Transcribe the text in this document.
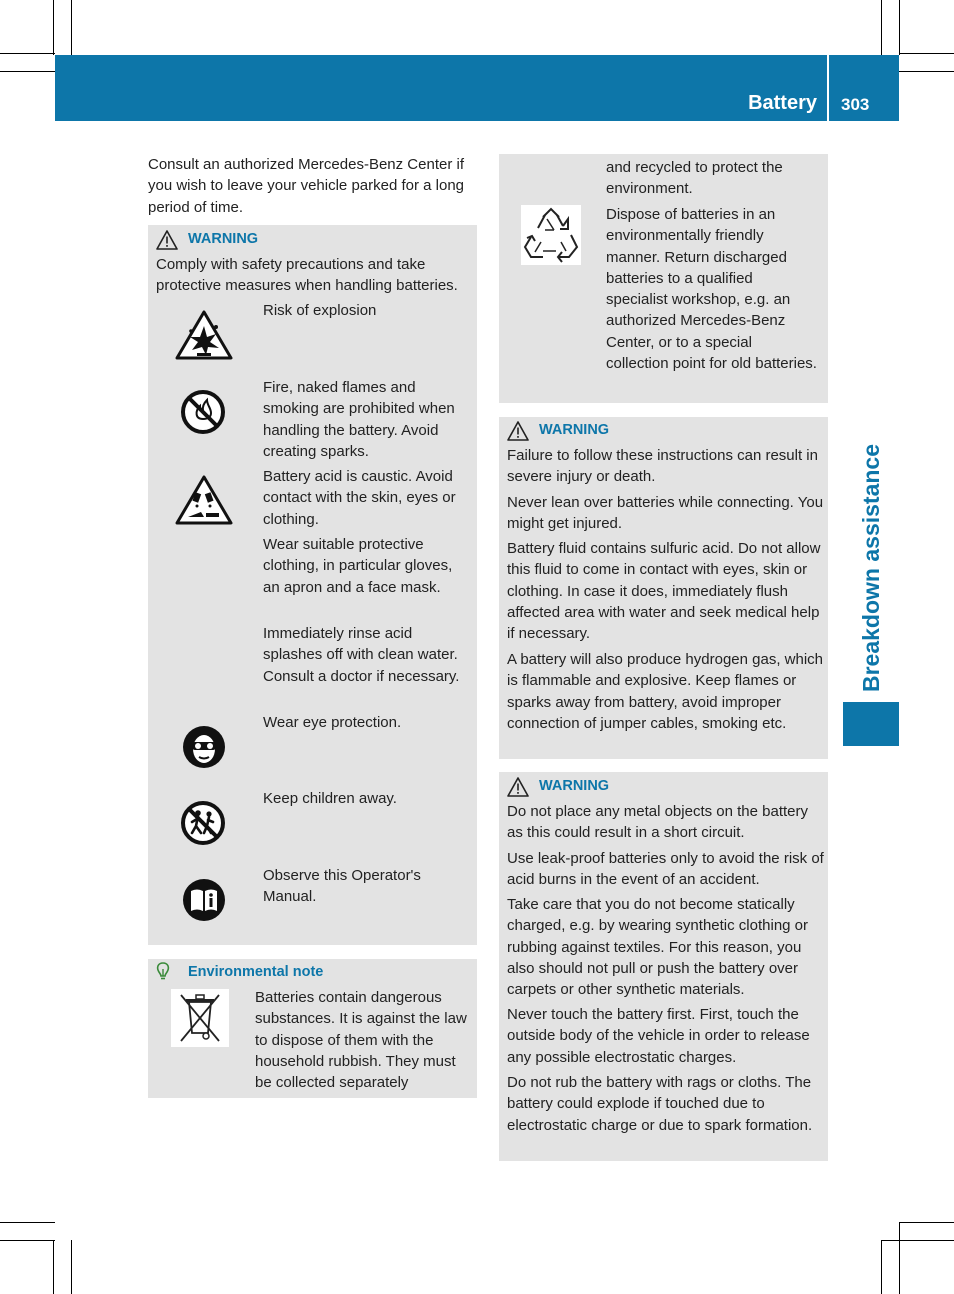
Battery 303
Breakdown assistance

Consult an authorized Mercedes-Benz Center if you wish to leave your vehicle parked for a long period of time.

WARNING

Comply with safety precautions and take protective measures when handling batteries.

Risk of explosion

Fire, naked flames and smoking are prohibited when handling the battery. Avoid creating sparks.

Battery acid is caustic. Avoid contact with the skin, eyes or clothing.

Wear suitable protective clothing, in particular gloves, an apron and a face mask.

Immediately rinse acid splashes off with clean water. Consult a doctor if necessary.

Wear eye protection.

Keep children away.

Observe this Operator's Manual.

Environmental note

Batteries contain dangerous substances. It is against the law to dispose of them with the household rubbish. They must be collected separately

and recycled to protect the environment.

Dispose of batteries in an environmentally friendly manner. Return discharged batteries to a qualified specialist workshop, e.g. an authorized Mercedes-Benz Center, or to a special collection point for old batteries.

WARNING

Failure to follow these instructions can result in severe injury or death.

Never lean over batteries while connecting. You might get injured.

Battery fluid contains sulfuric acid. Do not allow this fluid to come in contact with eyes, skin or clothing. In case it does, immediately flush affected area with water and seek medical help if necessary.

A battery will also produce hydrogen gas, which is flammable and explosive. Keep flames or sparks away from battery, avoid improper connection of jumper cables, smoking etc.

WARNING

Do not place any metal objects on the battery as this could result in a short circuit.

Use leak-proof batteries only to avoid the risk of acid burns in the event of an accident.

Take care that you do not become statically charged, e.g. by wearing synthetic clothing or rubbing against textiles. For this reason, you also should not pull or push the battery over carpets or other synthetic materials.

Never touch the battery first. First, touch the outside body of the vehicle in order to release any possible electrostatic charges.

Do not rub the battery with rags or cloths. The battery could explode if touched due to electrostatic charge or due to spark formation.
